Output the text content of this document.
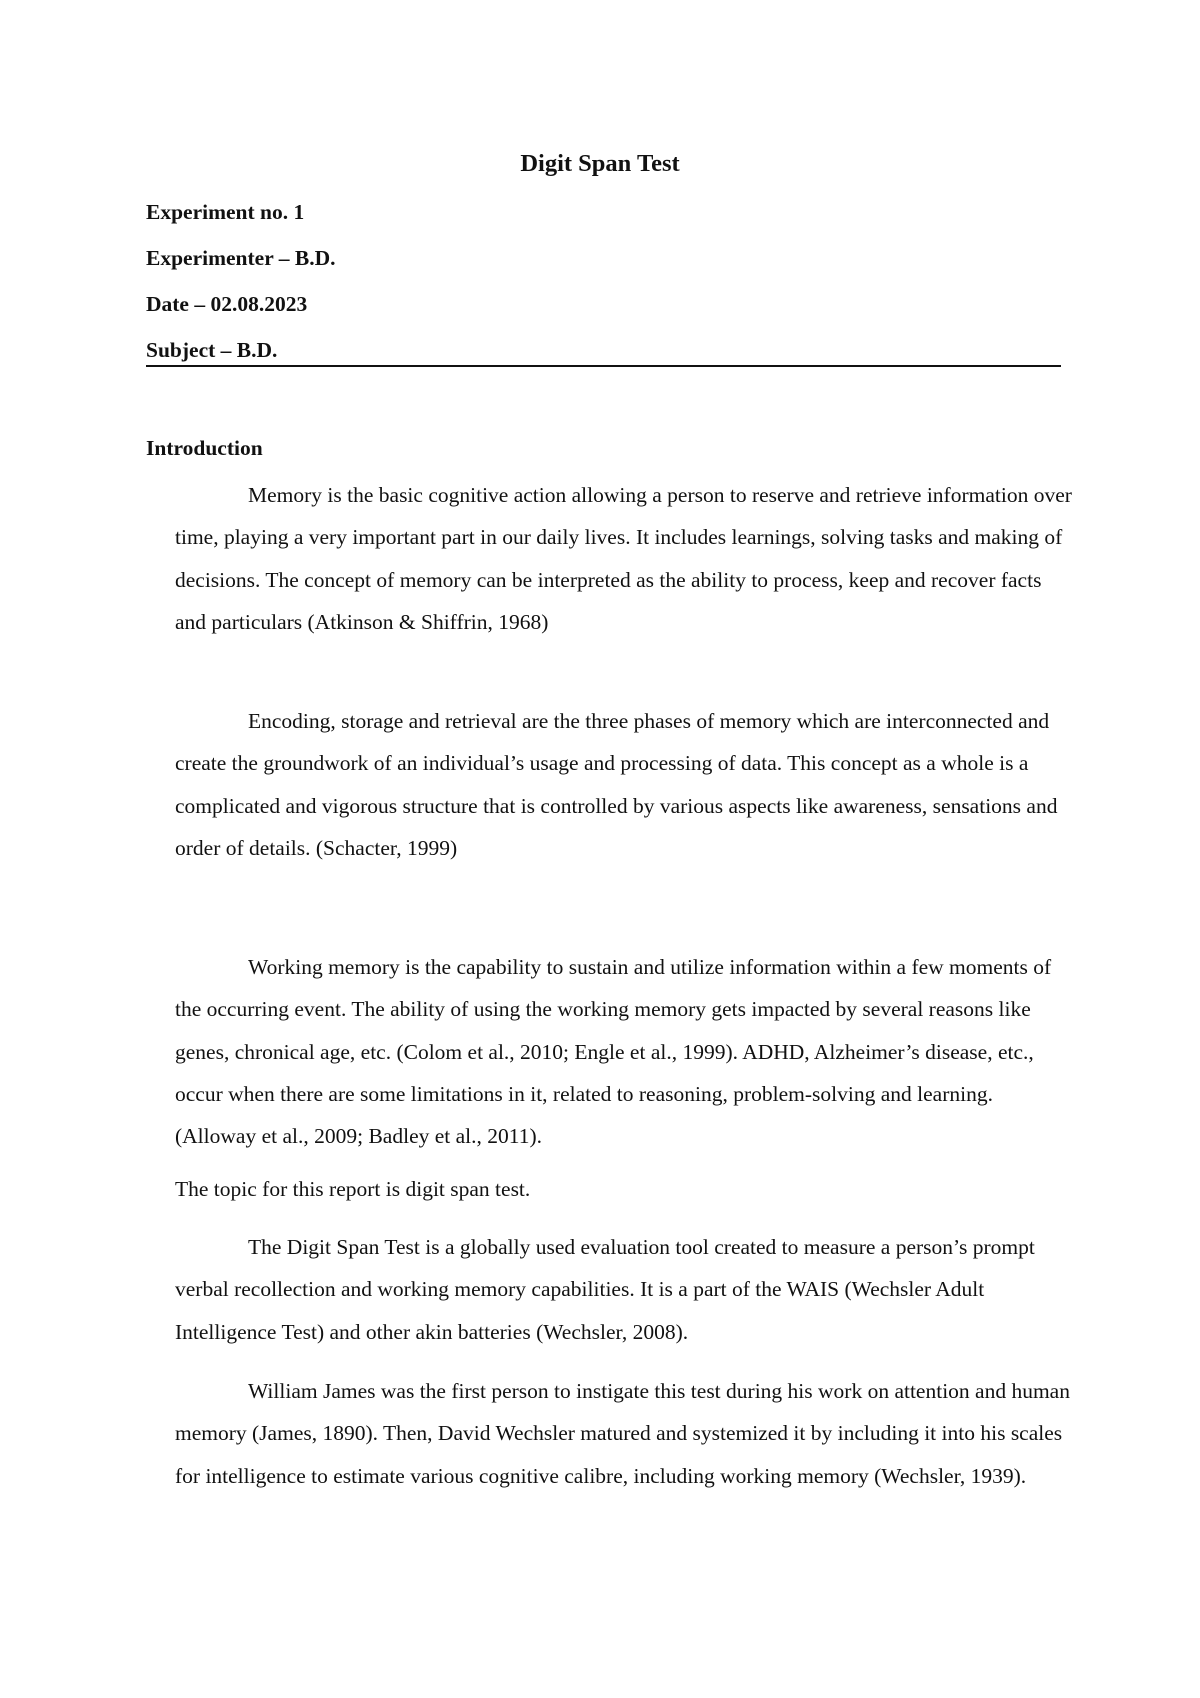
Digit Span Test
Experiment no. 1
Experimenter – B.D.
Date – 02.08.2023
Subject – B.D.
Introduction

Memory is the basic cognitive action allowing a person to reserve and retrieve information over time, playing a very important part in our daily lives. It includes learnings, solving tasks and making of decisions. The concept of memory can be interpreted as the ability to process, keep and recover facts and particulars (Atkinson & Shiffrin, 1968)

Encoding, storage and retrieval are the three phases of memory which are interconnected and create the groundwork of an individual’s usage and processing of data. This concept as a whole is a complicated and vigorous structure that is controlled by various aspects like awareness, sensations and order of details. (Schacter, 1999)

Working memory is the capability to sustain and utilize information within a few moments of the occurring event. The ability of using the working memory gets impacted by several reasons like genes, chronical age, etc. (Colom et al., 2010; Engle et al., 1999). ADHD, Alzheimer’s disease, etc., occur when there are some limitations in it, related to reasoning, problem-solving and learning. (Alloway et al., 2009; Badley et al., 2011).

The topic for this report is digit span test.

The Digit Span Test is a globally used evaluation tool created to measure a person’s prompt verbal recollection and working memory capabilities. It is a part of the WAIS (Wechsler Adult Intelligence Test) and other akin batteries (Wechsler, 2008).

William James was the first person to instigate this test during his work on attention and human memory (James, 1890). Then, David Wechsler matured and systemized it by including it into his scales for intelligence to estimate various cognitive calibre, including working memory (Wechsler, 1939).
